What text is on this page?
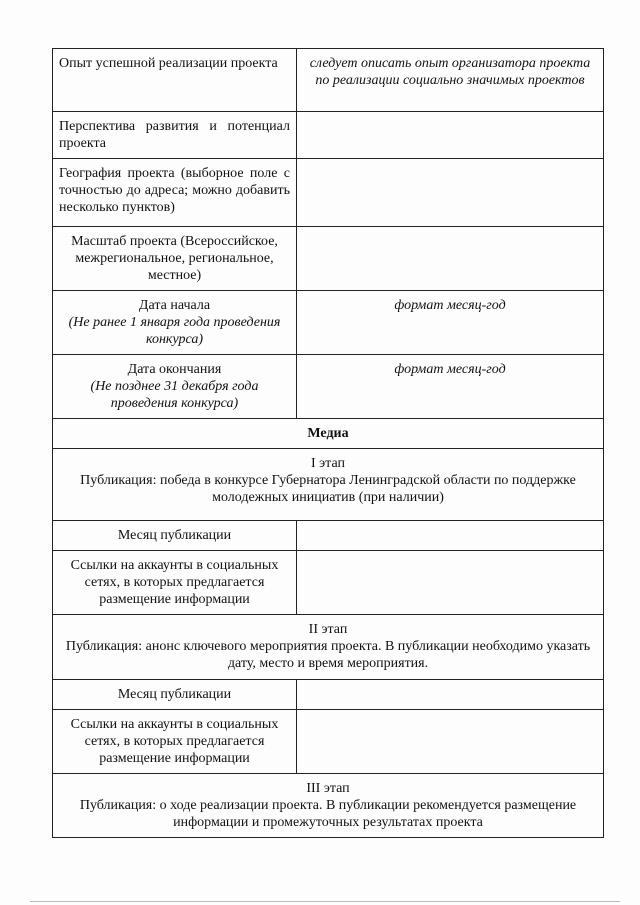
Опыт успешной реализации проекта	следует описать опыт организатора проекта по реализации социально значимых проектов
Перспектива развития и потенциал проекта	
География проекта (выборное поле с точностью до адреса; можно добавить несколько пунктов)	
Масштаб проекта (Всероссийское, межрегиональное, региональное, местное)	

Дата начала
(Не ранее 1 января года проведения конкурса)	формат месяц-год

Дата окончания
(Не позднее 31 декабря года проведения конкурса)	формат месяц-год
Медиа	

I этап
Публикация: победа в конкурсе Губернатора Ленинградской области по поддержке молодежных инициатив (при наличии)	

Месяц публикации	
Ссылки на аккаунты в социальных сетях, в которых предлагается размещение информации	

II этап
Публикация: анонс ключевого мероприятия проекта. В публикации необходимо указать дату, место и время мероприятия.	

Месяц публикации	
Ссылки на аккаунты в социальных сетях, в которых предлагается размещение информации	

III этап
Публикация: о ходе реализации проекта. В публикации рекомендуется размещение информации и промежуточных результатах проекта	
